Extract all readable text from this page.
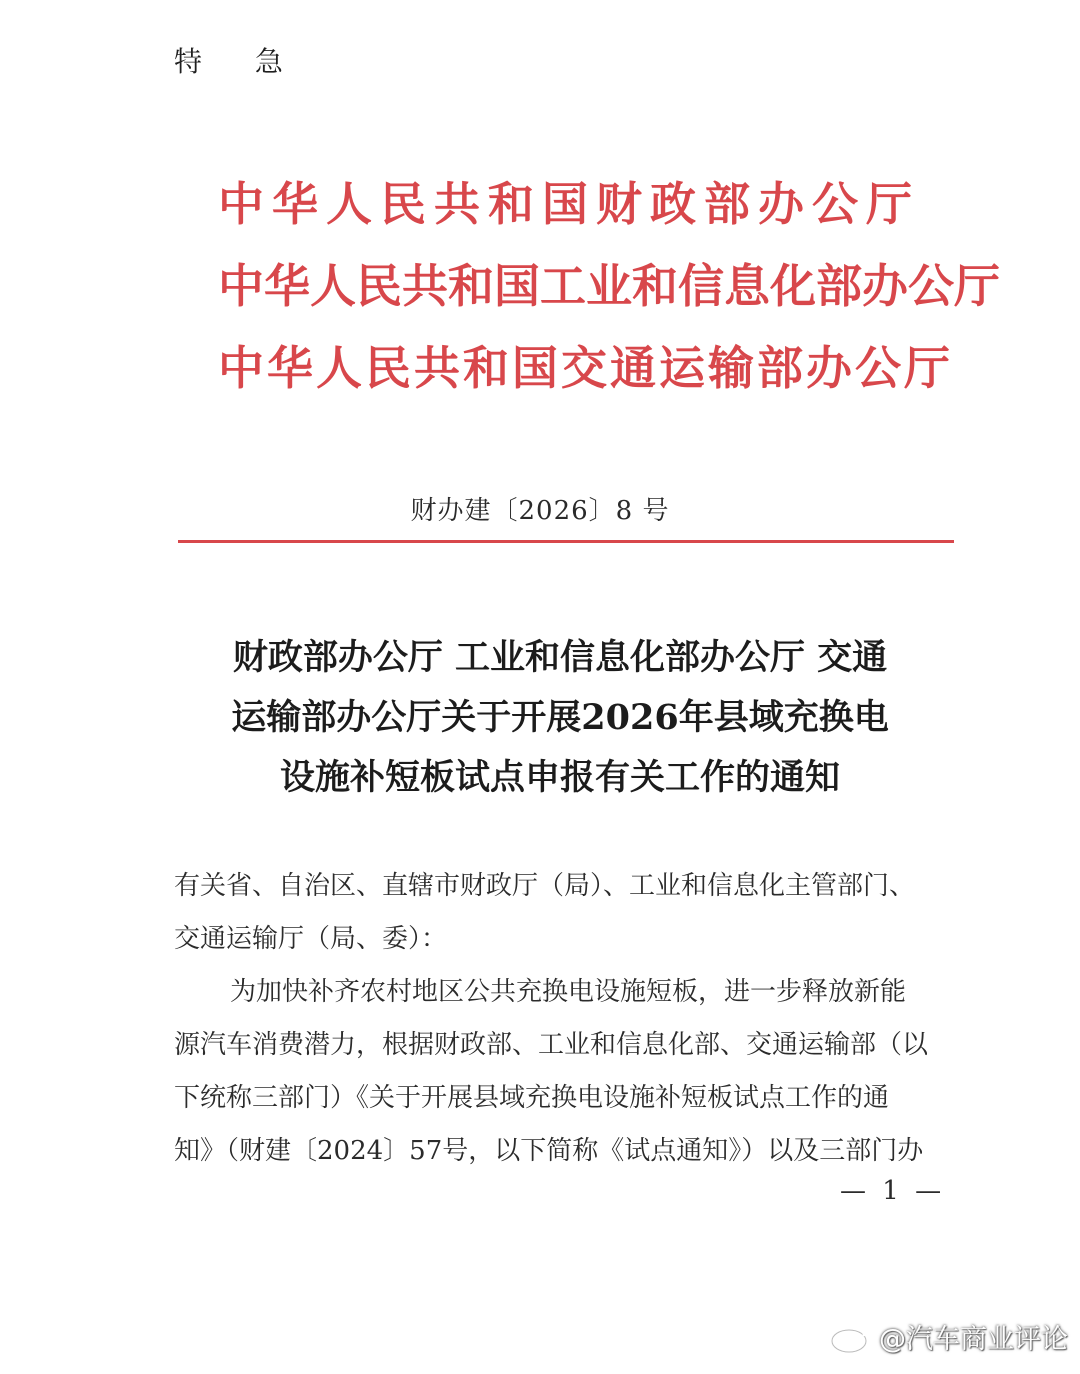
特 急
中华人民共和国财政部办公厅
中华人民共和国工业和信息化部办公厅
中华人民共和国交通运输部办公厅
财办建〔2026〕8 号
财政部办公厅 工业和信息化部办公厅 交通
运输部办公厅关于开展2026年县域充换电
设施补短板试点申报有关工作的通知
有关省、自治区、直辖市财政厅（局）、工业和信息化主管部门、
交通运输厅（局、委）：
为加快补齐农村地区公共充换电设施短板，进一步释放新能
源汽车消费潜力，根据财政部、工业和信息化部、交通运输部（以
下统称三部门）《关于开展县域充换电设施补短板试点工作的通
知》（财建〔2024〕57号，以下简称《试点通知》）以及三部门办
— 1 —
@汽车商业评论
